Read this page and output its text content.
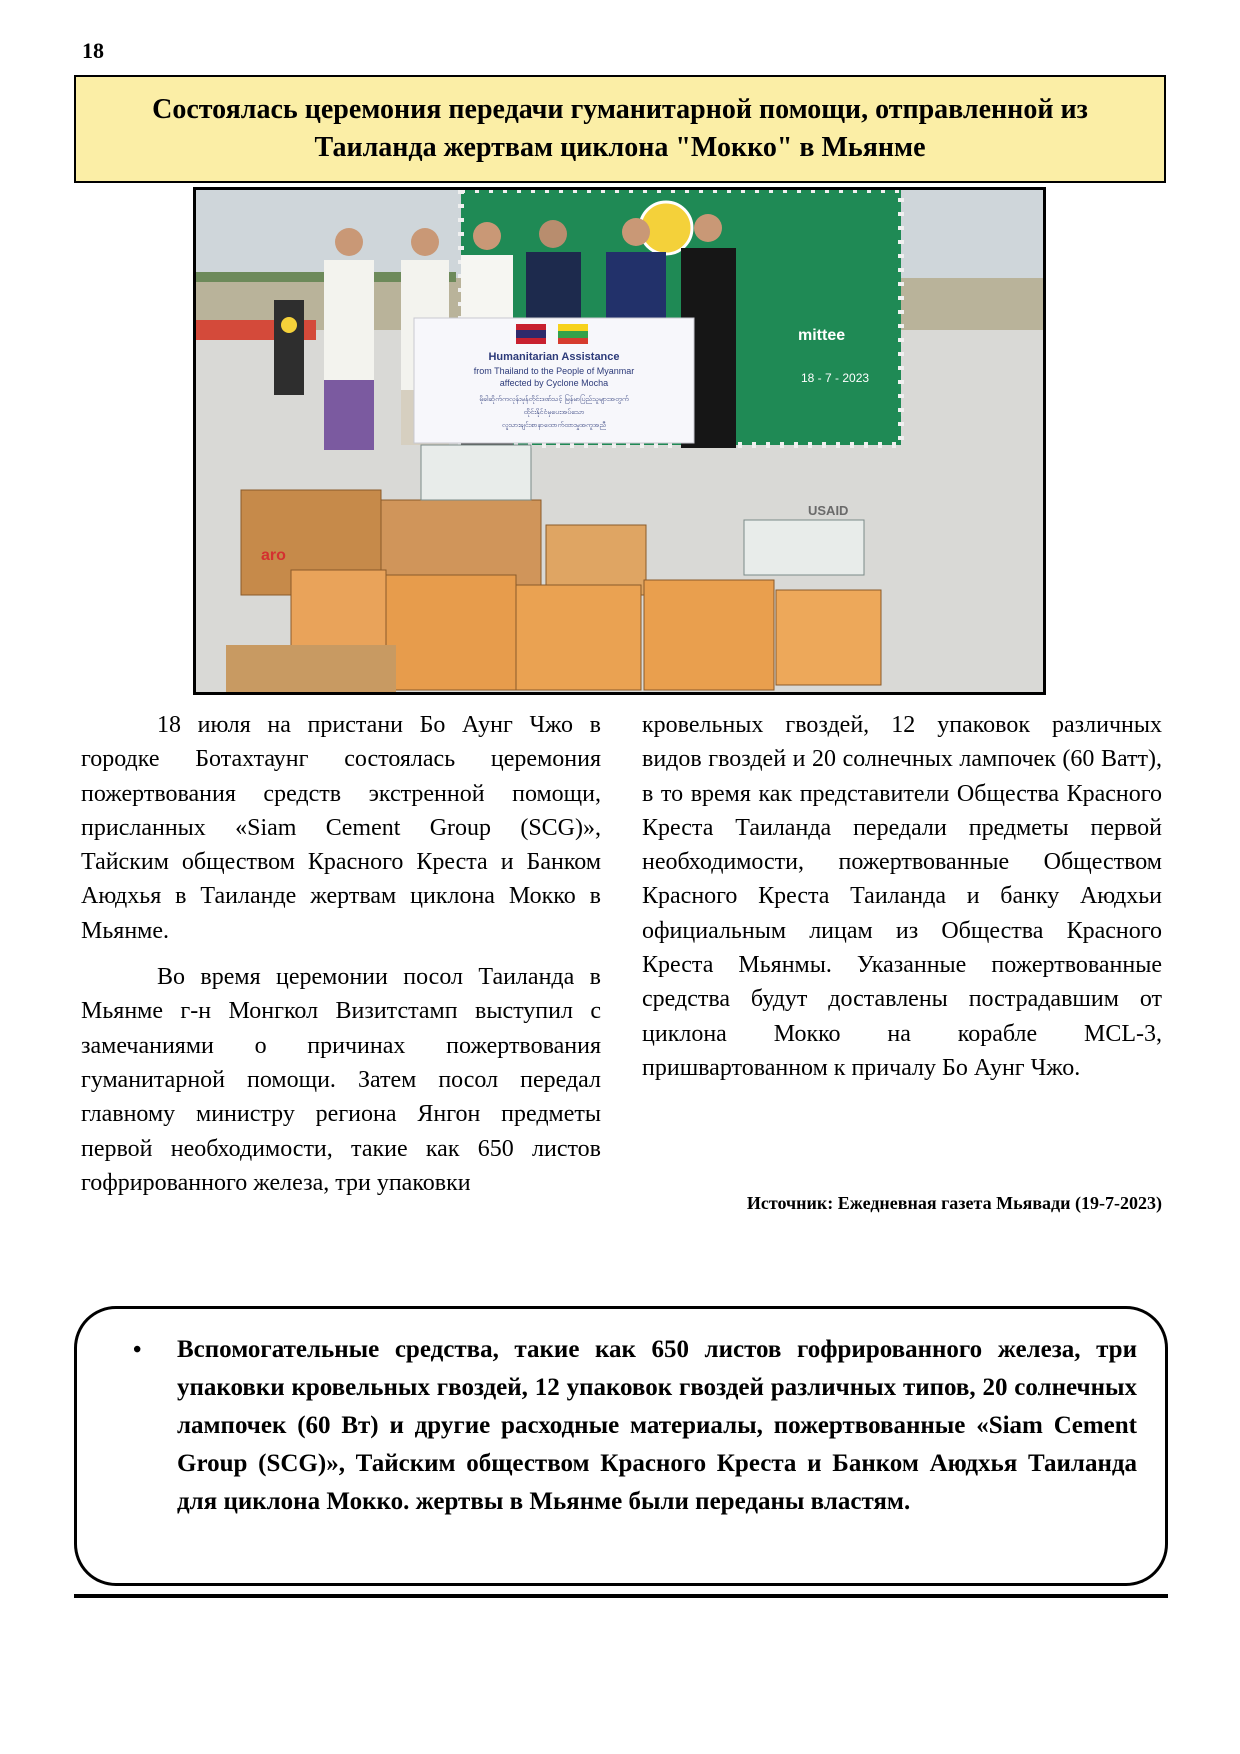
18
Состоялась церемония передачи гуманитарной помощи, отправленной из Таиланда жертвам циклона "Мокко" в Мьянме
mittee
18 - 7 - 2023
Humanitarian Assistance
from Thailand to the People of Myanmar
affected by Cyclone Mocha
မိုခါဆိုက်ကလုန်းမုန်တိုင်းဒဏ်သင့် မြန်မာပြည်သူများအတွက်
ထိုင်းနိုင်ငံမှပေးအပ်သော
လူသားချင်းစာနာထောက်ထားမှုအကူအညီ
aro
USAID

18 июля на пристани Бо Аунг Чжо в городке Ботахтаунг состоялась церемония пожертвования средств экстренной помощи, присланных «Siam Cement Group (SCG)», Тайским обществом Красного Креста и Банком Аюдхья в Таиланде жертвам циклона Мокко в Мьянме.

Во время церемонии посол Таиланда в Мьянме г-н Монгкол Визитстамп выступил с замечаниями о причинах пожертвования гуманитарной помощи. Затем посол передал главному министру региона Янгон предметы первой необходимости, такие как 650 листов гофрированного железа, три упаковки

кровельных гвоздей, 12 упаковок различных видов гвоздей и 20 солнечных лампочек (60 Ватт), в то время как представители Общества Красного Креста Таиланда передали предметы первой необходимости, пожертвованные Обществом Красного Креста Таиланда и банку Аюдхьи официальным лицам из Общества Красного Креста Мьянмы. Указанные пожертвованные средства будут доставлены пострадавшим от циклона Мокко на корабле MCL-3, пришвартованном к причалу Бо Аунг Чжо.

Источник: Ежедневная газета Мьявади (19-7-2023)
• Вспомогательные средства, такие как 650 листов гофрированного железа, три упаковки кровельных гвоздей, 12 упаковок гвоздей различных типов, 20 солнечных лампочек (60 Вт) и другие расходные материалы, пожертвованные «Siam Cement Group (SCG)», Тайским обществом Красного Креста и Банком Аюдхья Таиланда для циклона Мокко. жертвы в Мьянме были переданы властям.
